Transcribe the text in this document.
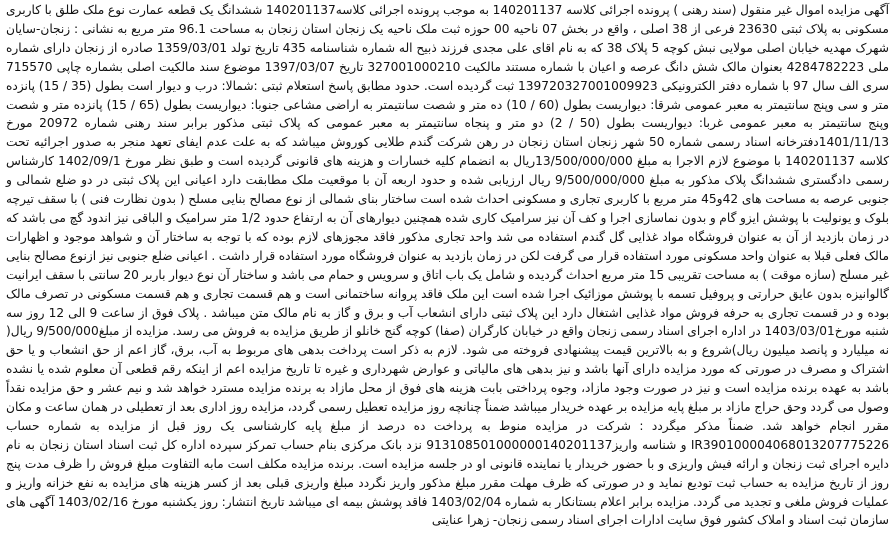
آگهی مزایده اموال غیر منقول (سند رهنی ) پرونده اجرائی کلاسه 140201137 به موجب پرونده اجرائی کلاسه140201137 ششدانگ یک قطعه عمارت نوع ملک طلق با کاربری مسکونی به پلاک ثبتی 23630 فرعی از 38 اصلی ، واقع در بخش 07 ناحیه 00 حوزه ثبت ملک ناحیه یک زنجان استان زنجان به مساحت 96.1 متر مربع به نشانی : زنجان-سایان شهرک مهدیه خیابان اصلی مولایی نبش کوچه 5 پلاک 38 که به نام اقای علی مجدی فرزند ذبیح اله شماره شناسنامه 435 تاریخ تولد 1359/03/01 صادره از زنجان دارای شماره ملی 4284782223 بعنوان مالک شش دانگ عرصه و اعیان با شماره مستند مالکیت 327001000210 تاریخ 1397/03/07 موضوع سند مالکیت اصلی بشماره چاپی 715570 سری الف سال 97 با شماره دفتر الکترونیکی 139720327001009923 ثبت گردیده است. حدود مطابق پاسخ استعلام ثبتی :شمالا: درب و دیوار است بطول (35 / 15) پانزده متر و سی وپنج سانتیمتر به معبر عمومی شرقا: دیواریست بطول (60 / 10) ده متر و شصت سانتیمتر به اراضی مشاعی جنوبا: دیواریست بطول (65 / 15) پانزده متر و شصت وپنج سانتیمتر به معبر عمومی غربا: دیواریست بطول (50 / 2) دو متر و پنجاه سانتیمتر به معبر عمومی که پلاک ثبتی مذکور برابر سند رهنی شماره 20972 مورخ 1401/11/13دفترخانه اسناد رسمی شماره 50 شهر زنجان استان زنجان در رهن شرکت گندم طلایی کوروش میباشد که به علت عدم ایفای تعهد منجر به صدور اجرائیه تحت کلاسه 140201137 با موضوع لازم الاجرا به مبلغ 13/500/000/000ریال به انضمام کلیه خسارات و هزینه های قانونی گردیده است و طبق نظر مورخ 1402/09/1 کارشناس رسمی دادگستری ششدانگ پلاک مذکور به مبلغ 9/500/000/000 ریال ارزیابی شده و حدود اربعه آن با موقعیت ملک مطابقت دارد اعیانی این پلاک ثبتی در دو ضلع شمالی و جنوبی عرصه به مساحت های 42و45 متر مربع با کاربری تجاری و مسکونی احداث شده است ساختار بنای شمالی از نوع مصالح بنایی مسلح ( بدون نظارت فنی ) با سقف تیرچه بلوک و یونولیت با پوشش ایزو گام و بدون نماسازی اجرا و کف آن نیز سرامیک کاری شده همچنین دیوارهای آن به ارتفاع حدود 1/2 متر سرامیک و الباقی نیز اندود گچ می باشد که در زمان بازدید از آن به عنوان فروشگاه مواد غذایی گل گندم استفاده می شد واحد تجاری مذکور فاقد مجوزهای لازم بوده که با توجه به ساختار آن و شواهد موجود و اظهارات مالک فعلی قبلا به عنوان واحد مسکونی مورد استفاده قرار می گرفت لکن در زمان بازدید به عنوان فروشگاه مورد استفاده قرار داشت . اعیانی ضلع جنوبی نیز ازنوع مصالح بنایی غیر مسلح (سازه موقت ) به مساحت تقریبی 15 متر مربع احداث گردیده و شامل یک باب اتاق و سرویس و حمام می باشد و ساختار آن نوع دیوار باربر 20 سانتی با سقف ایرانیت گالوانیزه بدون عایق حرارتی و پروفیل تسمه با پوشش موزائیک اجرا شده است این ملک فاقد پروانه ساختمانی است و هم قسمت تجاری و هم قسمت مسکونی در تصرف مالک بوده و در قسمت تجاری به حرفه فروش مواد غذایی اشتغال دارد این پلاک ثبتی دارای انشعاب آب و برق و گاز به نام مالک متن میباشد . پلاک فوق از ساعت 9 الی 12 روز سه شنبه مورخ1403/03/01 در اداره اجرای اسناد رسمی زنجان واقع در خیابان کارگران (صفا) کوچه گنج خانلو از طریق مزایده به فروش می رسد. مزایده از مبلغ9/500/000 ریال( نه میلیارد و پانصد میلیون ریال)شروع و به بالاترین قیمت پیشنهادی فروخته می شود. لازم به ذکر است پرداخت بدهی های مربوط به آب، برق، گاز اعم از حق انشعاب و یا حق اشتراک و مصرف در صورتی که مورد مزایده دارای آنها باشد و نیز بدهی های مالیاتی و عوارض شهرداری و غیره تا تاریخ مزایده اعم از اینکه رقم قطعی آن معلوم شده یا نشده باشد به عهده برنده مزایده است و نیز در صورت وجود مازاد، وجوه پرداختی بابت هزینه های فوق از محل مازاد به برنده مزایده مسترد خواهد شد و نیم عشر و حق مزایده نقداً وصول می گردد وحق حراج مازاد بر مبلغ پایه مزایده بر عهده خریدار میباشد ضمناً چنانچه روز مزایده تعطیل رسمی گردد، مزایده روز اداری بعد از تعطیلی در همان ساعت و مکان مقرر انجام خواهد شد. ضمناً مذکر میگردد : شرکت در مزایده منوط به پرداخت ده درصد از مبلغ پایه کارشناسی یک روز قبل از مزایده به شماره حساب IR390100004068013207775226 و شناسه واریز913108501000000140201137 نزد بانک مرکزی بنام حساب تمرکز سپرده اداره کل ثبت اسناد استان زنجان به نام دایره اجرای ثبت زنجان و ارائه فیش واریزی و با حضور خریدار یا نماینده قانونی او در جلسه مزایده است. برنده مزایده مکلف است مابه التفاوت مبلغ فروش را ظرف مدت پنج روز از تاریخ مزایده به حساب ثبت تودیع نماید و در صورتی که ظرف مهلت مقرر مبلغ مذکور واریز نگردد مبلغ واریزی قبلی بعد از کسر هزینه های مزایده به نفع خزانه واریز و عملیات فروش ملغی و تجدید می گردد. مزایده برابر اعلام بستانکار به شماره 1403/02/04 فاقد پوشش بیمه ای میباشد تاریخ انتشار: روز یکشنبه مورخ 1403/02/16 آگهی های سازمان ثبت اسناد و املاک کشور فوق سایت ادارات اجرای اسناد رسمی زنجان- زهرا عنایتی
